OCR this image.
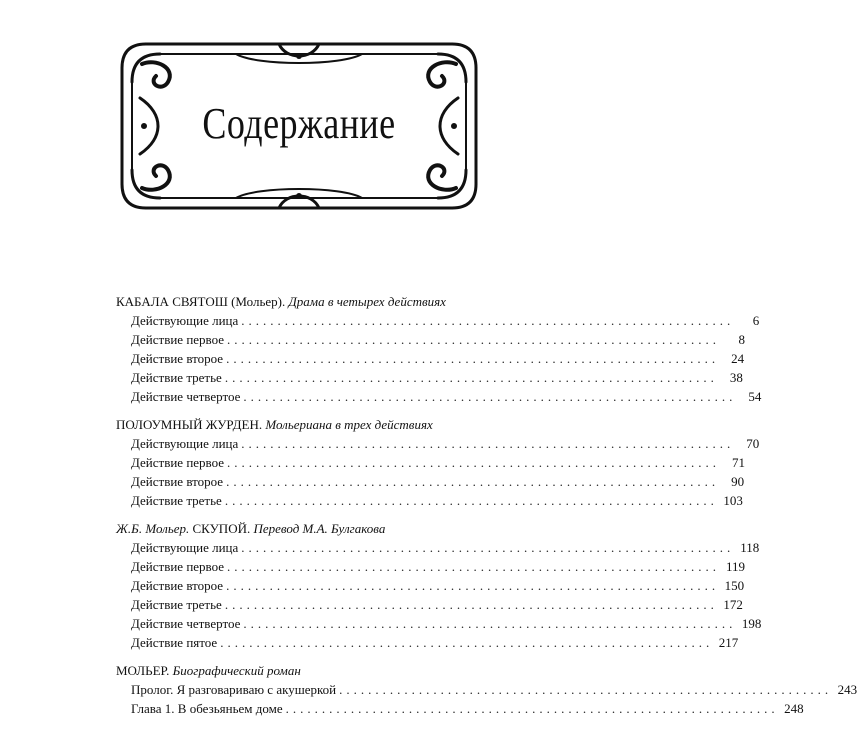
Содержание
КАБАЛА СВЯТОШ (Мольер). Драма в четырех действиях
Действующие лица ....................................................................	6
Действие первое ....................................................................	8
Действие второе .................................................................... 24
Действие третье .................................................................... 38
Действие четвертое .................................................................... 54
ПОЛОУМНЫЙ ЖУРДЕН. Мольериана в трех действиях
Действующие лица .................................................................... 70
Действие первое .................................................................... 71
Действие второе .................................................................... 90
Действие третье .................................................................... 103
Ж.Б. Мольер. СКУПОЙ. Перевод М.А. Булгакова
Действующие лица .................................................................... 118
Действие первое .................................................................... 119
Действие второе .................................................................... 150
Действие третье .................................................................... 172
Действие четвертое .................................................................... 198
Действие пятое .................................................................... 217
МОЛЬЕР. Биографический роман
Пролог. Я разговариваю с акушеркой .................................................................... 243
Глава 1. В обезьяньем доме .................................................................... 248
